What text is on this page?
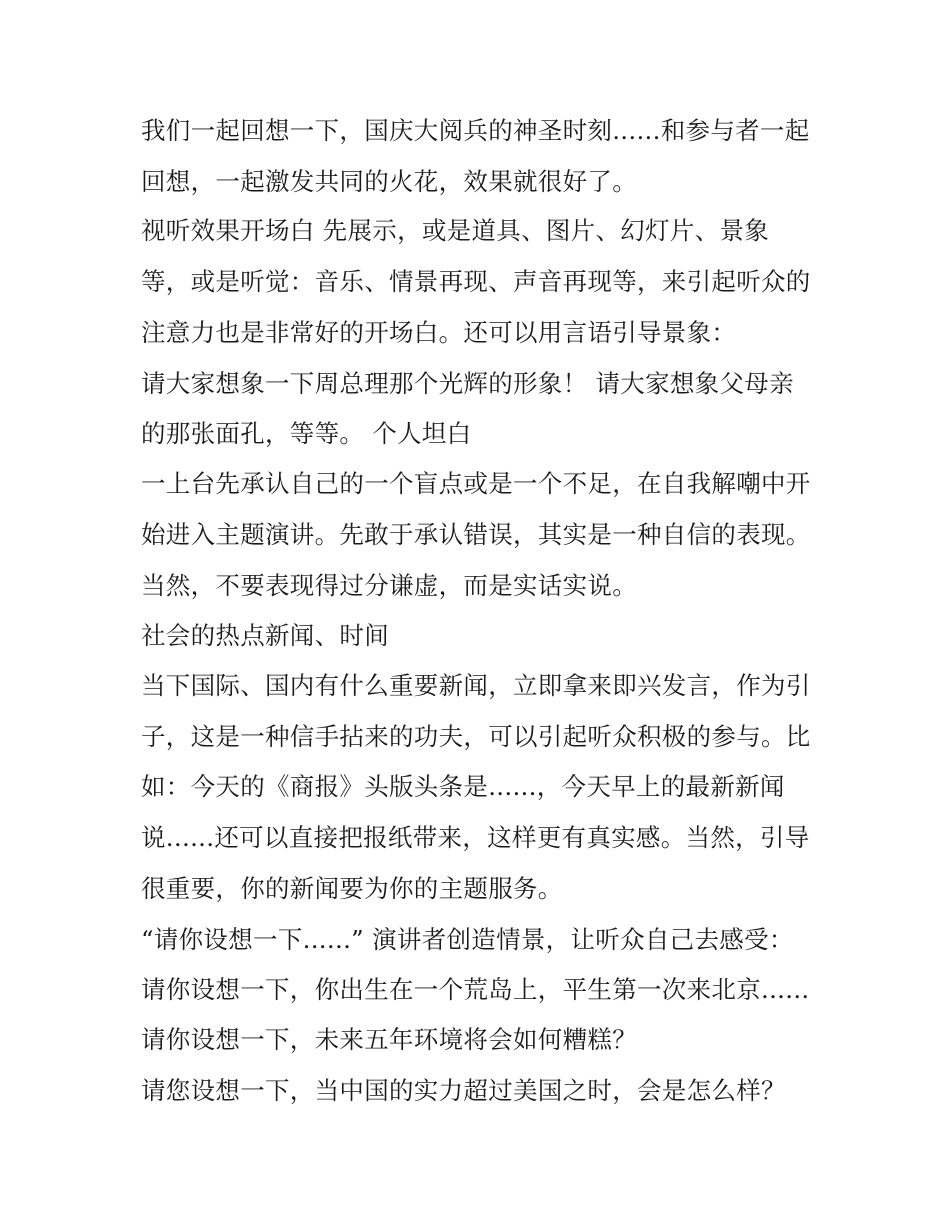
我们一起回想一下，国庆大阅兵的神圣时刻......和参与者一起
回想，一起激发共同的火花，效果就很好了。
视听效果开场白 先展示，或是道具、图片、幻灯片、景象
等，或是听觉：音乐、情景再现、声音再现等，来引起听众的
注意力也是非常好的开场白。还可以用言语引导景象：
请大家想象一下周总理那个光辉的形象！ 请大家想象父母亲
的那张面孔，等等。 个人坦白
一上台先承认自己的一个盲点或是一个不足，在自我解嘲中开
始进入主题演讲。先敢于承认错误，其实是一种自信的表现。
当然，不要表现得过分谦虚，而是实话实说。
社会的热点新闻、时间
当下国际、国内有什么重要新闻，立即拿来即兴发言，作为引
子，这是一种信手拈来的功夫，可以引起听众积极的参与。比
如：今天的《商报》头版头条是......，今天早上的最新新闻
说......还可以直接把报纸带来，这样更有真实感。当然，引导
很重要，你的新闻要为你的主题服务。
“请你设想一下......” 演讲者创造情景，让听众自己去感受：
请你设想一下，你出生在一个荒岛上，平生第一次来北京......
请你设想一下，未来五年环境将会如何糟糕？
请您设想一下，当中国的实力超过美国之时，会是怎么样？
